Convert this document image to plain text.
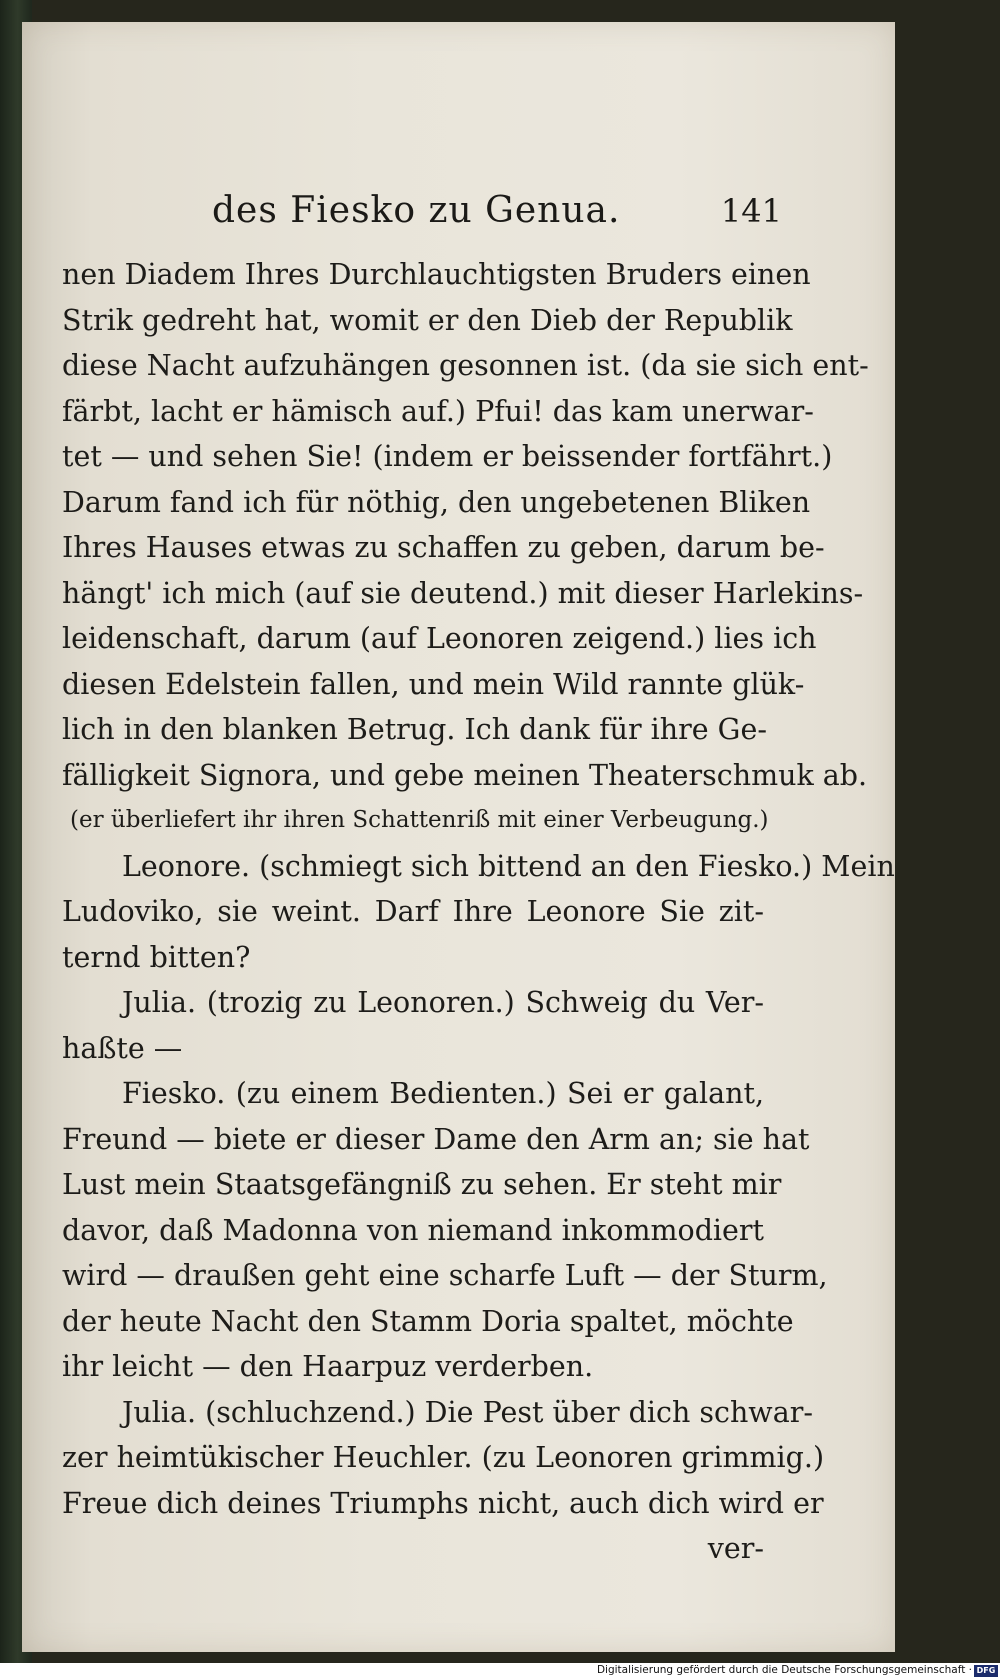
des Fiesko zu Genua.	141
nen Diadem Ihres Durchlauchtigsten Bruders einen
Strik gedreht hat, womit er den Dieb der Republik
diese Nacht aufzuhängen gesonnen ist. (da sie sich ent-
färbt, lacht er hämisch auf.) Pfui! das kam unerwar-
tet — und sehen Sie! (indem er beissender fortfährt.)
Darum fand ich für nöthig, den ungebetenen Bliken
Ihres Hauses etwas zu schaffen zu geben, darum be-
hängt' ich mich (auf sie deutend.) mit dieser Harlekins-
leidenschaft, darum (auf Leonoren zeigend.) lies ich
diesen Edelstein fallen, und mein Wild rannte glük-
lich in den blanken Betrug. Ich dank für ihre Ge-
fälligkeit Signora, und gebe meinen Theaterschmuk ab.
(er überliefert ihr ihren Schattenriß mit einer Verbeugung.)
Leonore. (schmiegt sich bittend an den Fiesko.) Mein
Ludoviko, sie weint. Darf Ihre Leonore Sie zit-
ternd bitten?
Julia. (trozig zu Leonoren.) Schweig du Ver-
haßte —
Fiesko. (zu einem Bedienten.) Sei er galant,
Freund — biete er dieser Dame den Arm an; sie hat
Lust mein Staatsgefängniß zu sehen. Er steht mir
davor, daß Madonna von niemand inkommodiert
wird — draußen geht eine scharfe Luft — der Sturm,
der heute Nacht den Stamm Doria spaltet, möchte
ihr leicht — den Haarpuz verderben.
Julia. (schluchzend.) Die Pest über dich schwar-
zer heimtükischer Heuchler. (zu Leonoren grimmig.)
Freue dich deines Triumphs nicht, auch dich wird er
ver-
Digitalisierung gefördert durch die Deutsche Forschungsgemeinschaft · DFG
